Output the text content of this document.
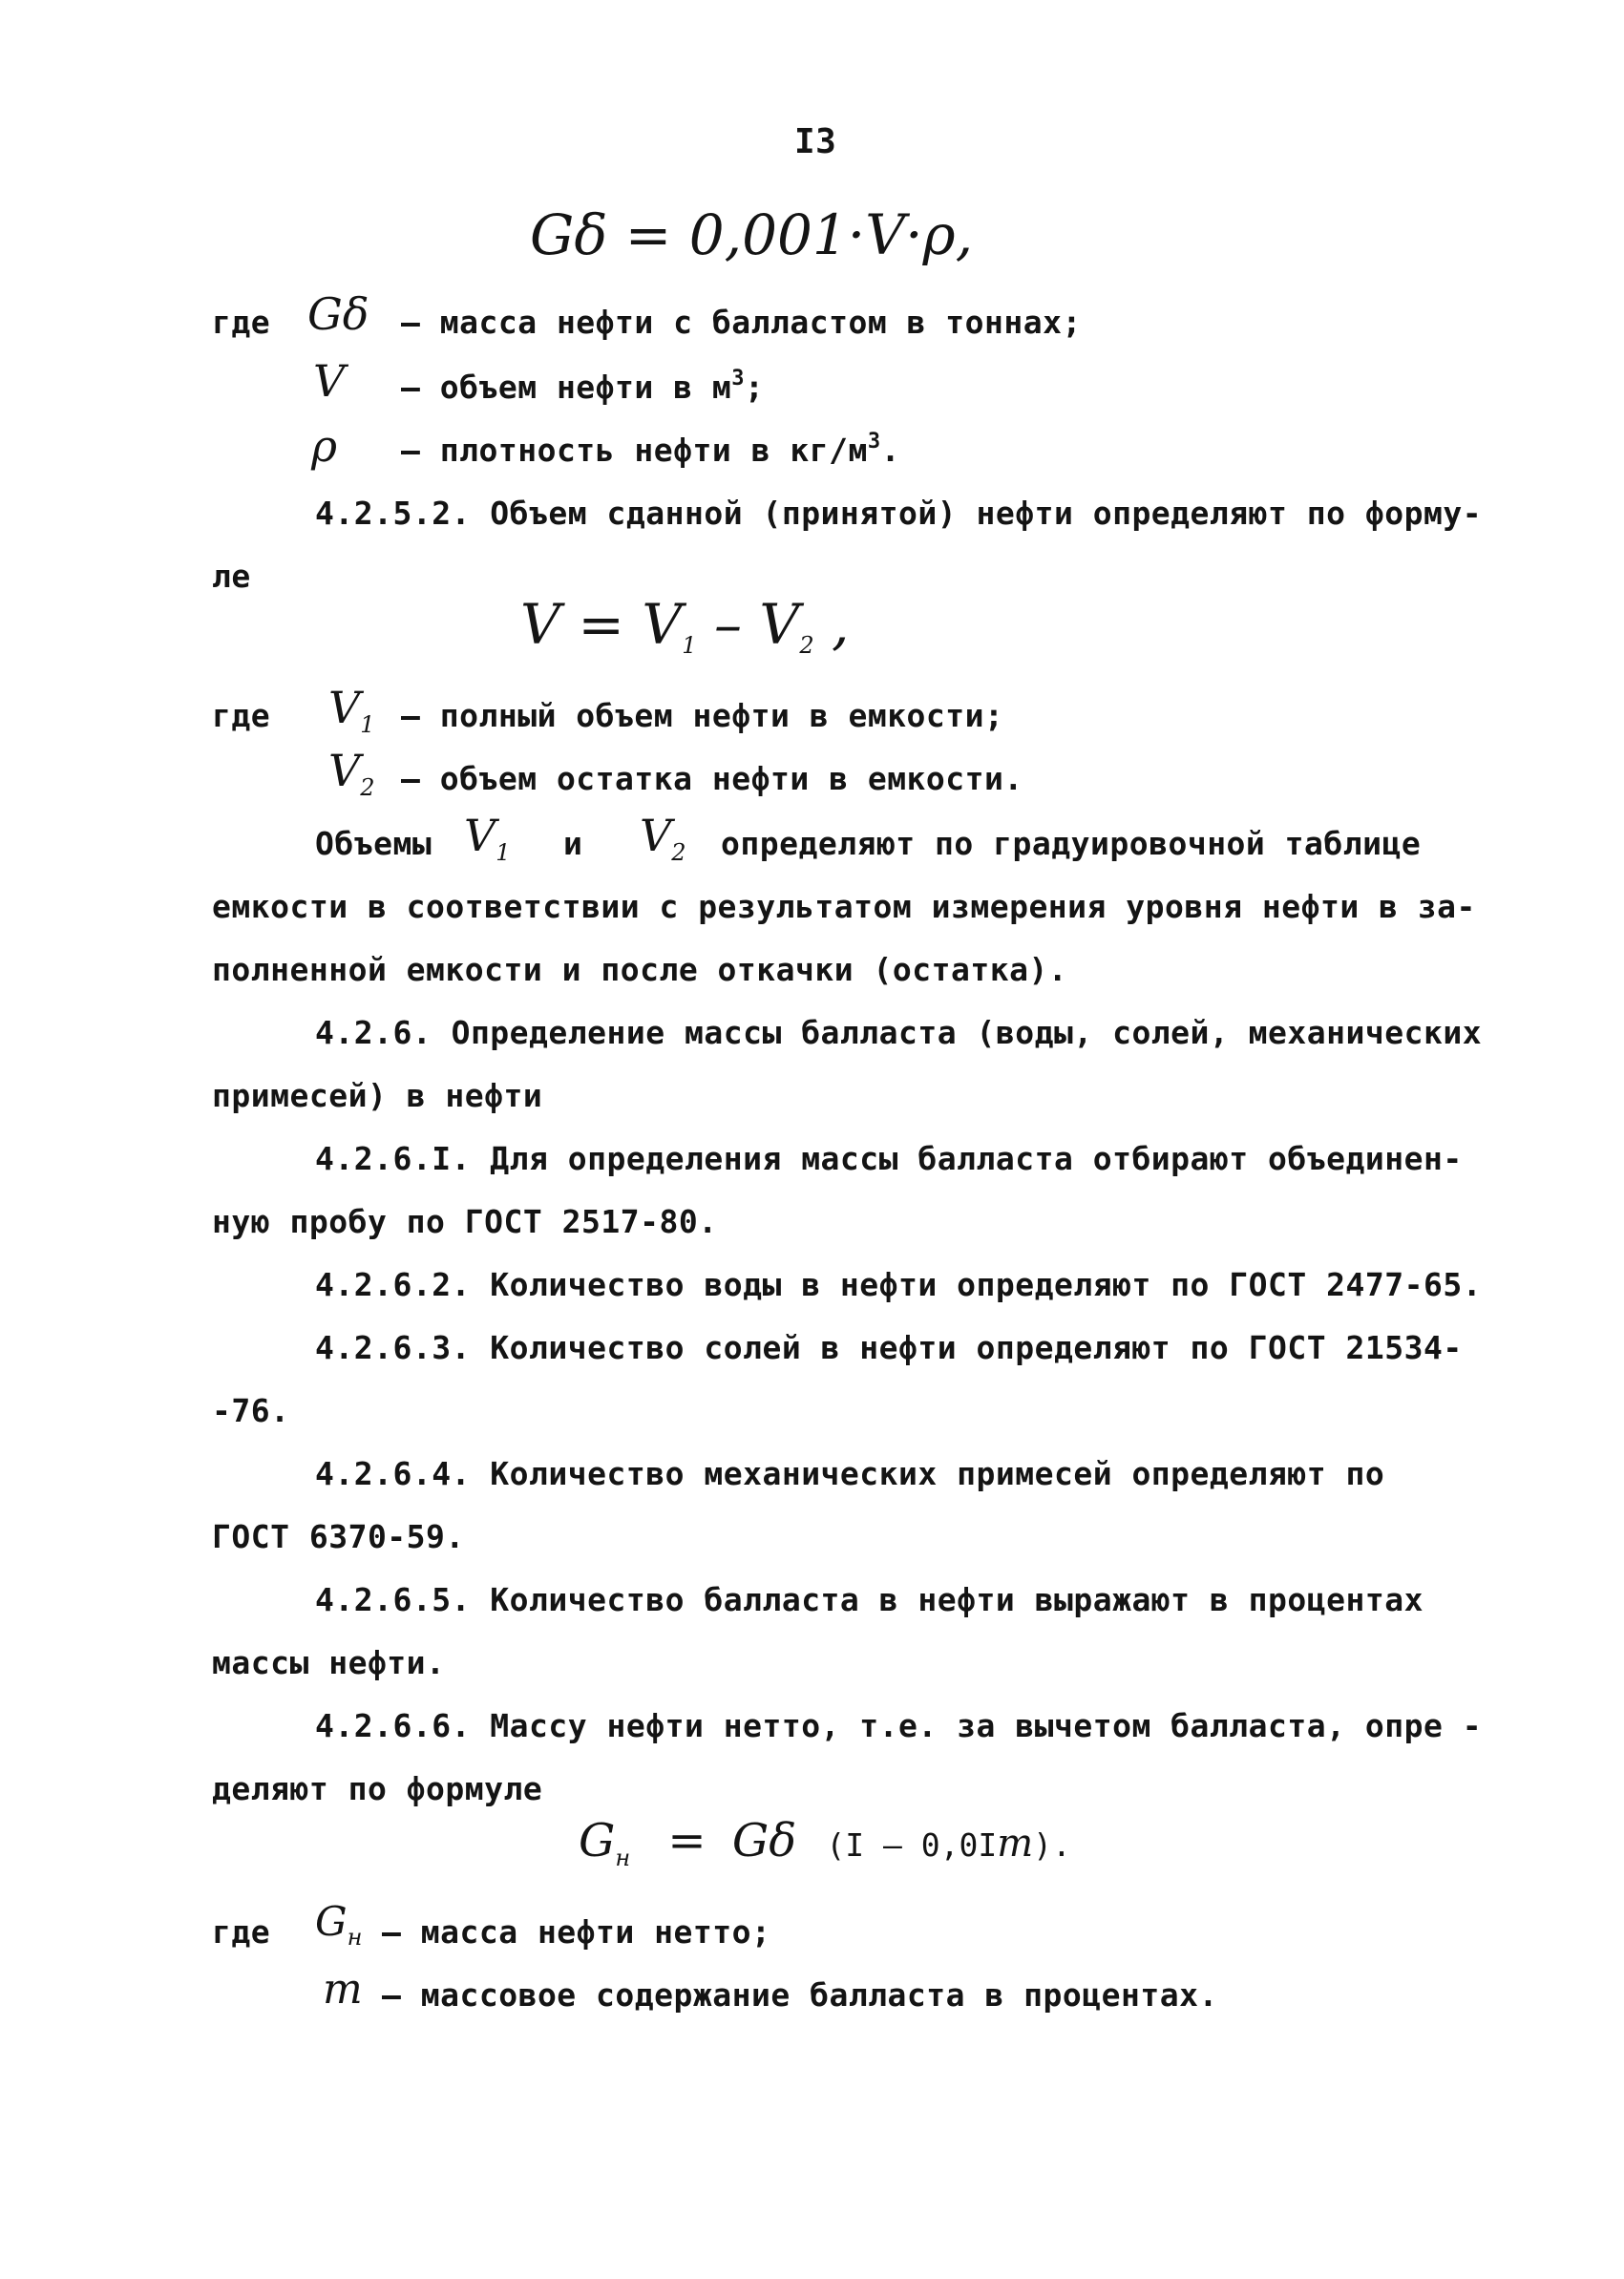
I3
Gδ = 0,001·V·ρ,
где Gδ – масса нефти с балластом в тоннах;
V – объем нефти в $м^3$;
ρ – плотность нефти в $кг/м^3$.
4.2.5.2. Объем сданной (принятой) нефти определяют по форму-
ле
$V = V_1 - V_2$ ,
где $V_1$ – полный объем нефти в емкости;
$V_2$ – объем остатка нефти в емкости.
Объемы $V_1$ и $V_2$ определяют по градуировочной таблице
емкости в соответствии с результатом измерения уровня нефти в за-
полненной емкости и после откачки (остатка).
4.2.6. Определение массы балласта (воды, солей, механических
примесей) в нефти
4.2.6.I. Для определения массы балласта отбирают объединен-
ную пробу по ГОСТ 2517-80.
4.2.6.2. Количество воды в нефти определяют по ГОСТ 2477-65.
4.2.6.3. Количество солей в нефти определяют по ГОСТ 21534-
-76.
4.2.6.4. Количество механических примесей определяют по
ГОСТ 6370-59.
4.2.6.5. Количество балласта в нефти выражают в процентах
массы нефти.
4.2.6.6. Массу нефти нетто, т.е. за вычетом балласта, опре -
деляют по формуле
$G_н = G\delta$ (I – 0,0Im).
где $G_н$ – масса нефти нетто;
m – массовое содержание балласта в процентах.
